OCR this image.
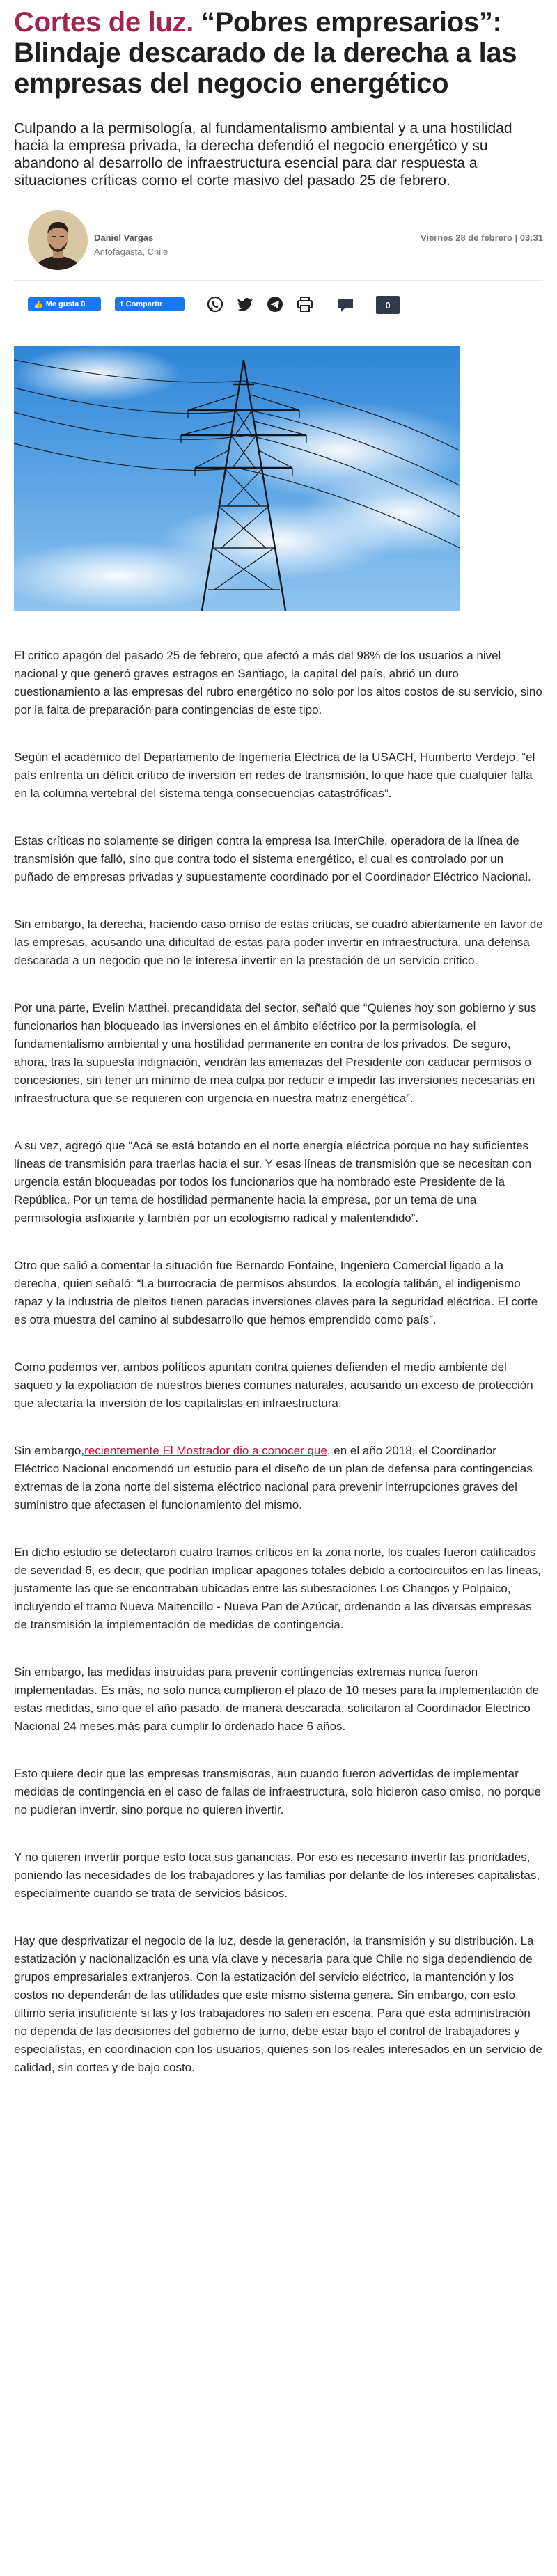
Cortes de luz. “Pobres empresarios”: Blindaje descarado de la derecha a las empresas del negocio energético

Culpando a la permisología, al fundamentalismo ambiental y a una hostilidad hacia la empresa privada, la derecha defendió el negocio energético y su abandono al desarrollo de infraestructura esencial para dar respuesta a situaciones críticas como el corte masivo del pasado 25 de febrero.

Daniel Vargas
Antofagasta, Chile
Viernes 28 de febrero | 03:31
👍 Me gusta 0	f Compartir	0

El crítico apagón del pasado 25 de febrero, que afectó a más del 98% de los usuarios a nivel nacional y que generó graves estragos en Santiago, la capital del país, abrió un duro cuestionamiento a las empresas del rubro energético no solo por los altos costos de su servicio, sino por la falta de preparación para contingencias de este tipo.

Según el académico del Departamento de Ingeniería Eléctrica de la USACH, Humberto Verdejo, “el país enfrenta un déficit crítico de inversión en redes de transmisión, lo que hace que cualquier falla en la columna vertebral del sistema tenga consecuencias catastróficas”.

Estas críticas no solamente se dirigen contra la empresa Isa InterChile, operadora de la línea de transmisión que falló, sino que contra todo el sistema energético, el cual es controlado por un puñado de empresas privadas y supuestamente coordinado por el Coordinador Eléctrico Nacional.

Sin embargo, la derecha, haciendo caso omiso de estas críticas, se cuadró abiertamente en favor de las empresas, acusando una dificultad de estas para poder invertir en infraestructura, una defensa descarada a un negocio que no le interesa invertir en la prestación de un servicio crítico.

Por una parte, Evelin Matthei, precandidata del sector, señaló que “Quienes hoy son gobierno y sus funcionarios han bloqueado las inversiones en el ámbito eléctrico por la permisología, el fundamentalismo ambiental y una hostilidad permanente en contra de los privados. De seguro, ahora, tras la supuesta indignación, vendrán las amenazas del Presidente con caducar permisos o concesiones, sin tener un mínimo de mea culpa por reducir e impedir las inversiones necesarias en infraestructura que se requieren con urgencia en nuestra matriz energética”.

A su vez, agregó que “Acá se está botando en el norte energía eléctrica porque no hay suficientes líneas de transmisión para traerlas hacia el sur. Y esas líneas de transmisión que se necesitan con urgencia están bloqueadas por todos los funcionarios que ha nombrado este Presidente de la República. Por un tema de hostilidad permanente hacia la empresa, por un tema de una permisología asfixiante y también por un ecologismo radical y malentendido”.

Otro que salió a comentar la situación fue Bernardo Fontaine, Ingeniero Comercial ligado a la derecha, quien señaló: “La burrocracia de permisos absurdos, la ecología talibán, el indigenismo rapaz y la industria de pleitos tienen paradas inversiones claves para la seguridad eléctrica. El corte es otra muestra del camino al subdesarrollo que hemos emprendido como país”.

Como podemos ver, ambos políticos apuntan contra quienes defienden el medio ambiente del saqueo y la expoliación de nuestros bienes comunes naturales, acusando un exceso de protección que afectaría la inversión de los capitalistas en infraestructura.

Sin embargo,recientemente El Mostrador dio a conocer que, en el año 2018, el Coordinador Eléctrico Nacional encomendó un estudio para el diseño de un plan de defensa para contingencias extremas de la zona norte del sistema eléctrico nacional para prevenir interrupciones graves del suministro que afectasen el funcionamiento del mismo.

En dicho estudio se detectaron cuatro tramos críticos en la zona norte, los cuales fueron calificados de severidad 6, es decir, que podrían implicar apagones totales debido a cortocircuitos en las líneas, justamente las que se encontraban ubicadas entre las subestaciones Los Changos y Polpaico, incluyendo el tramo Nueva Maitencillo - Nueva Pan de Azúcar, ordenando a las diversas empresas de transmisión la implementación de medidas de contingencia.

Sin embargo, las medidas instruidas para prevenir contingencias extremas nunca fueron implementadas. Es más, no solo nunca cumplieron el plazo de 10 meses para la implementación de estas medidas, sino que el año pasado, de manera descarada, solicitaron al Coordinador Eléctrico Nacional 24 meses más para cumplir lo ordenado hace 6 años.

Esto quiere decir que las empresas transmisoras, aun cuando fueron advertidas de implementar medidas de contingencia en el caso de fallas de infraestructura, solo hicieron caso omiso, no porque no pudieran invertir, sino porque no quieren invertir.

Y no quieren invertir porque esto toca sus ganancias. Por eso es necesario invertir las prioridades, poniendo las necesidades de los trabajadores y las familias por delante de los intereses capitalistas, especialmente cuando se trata de servicios básicos.

Hay que desprivatizar el negocio de la luz, desde la generación, la transmisión y su distribución. La estatización y nacionalización es una vía clave y necesaria para que Chile no siga dependiendo de grupos empresariales extranjeros. Con la estatización del servicio eléctrico, la mantención y los costos no dependerán de las utilidades que este mismo sistema genera. Sin embargo, con esto último sería insuficiente si las y los trabajadores no salen en escena. Para que esta administración no dependa de las decisiones del gobierno de turno, debe estar bajo el control de trabajadores y especialistas, en coordinación con los usuarios, quienes son los reales interesados en un servicio de calidad, sin cortes y de bajo costo.
